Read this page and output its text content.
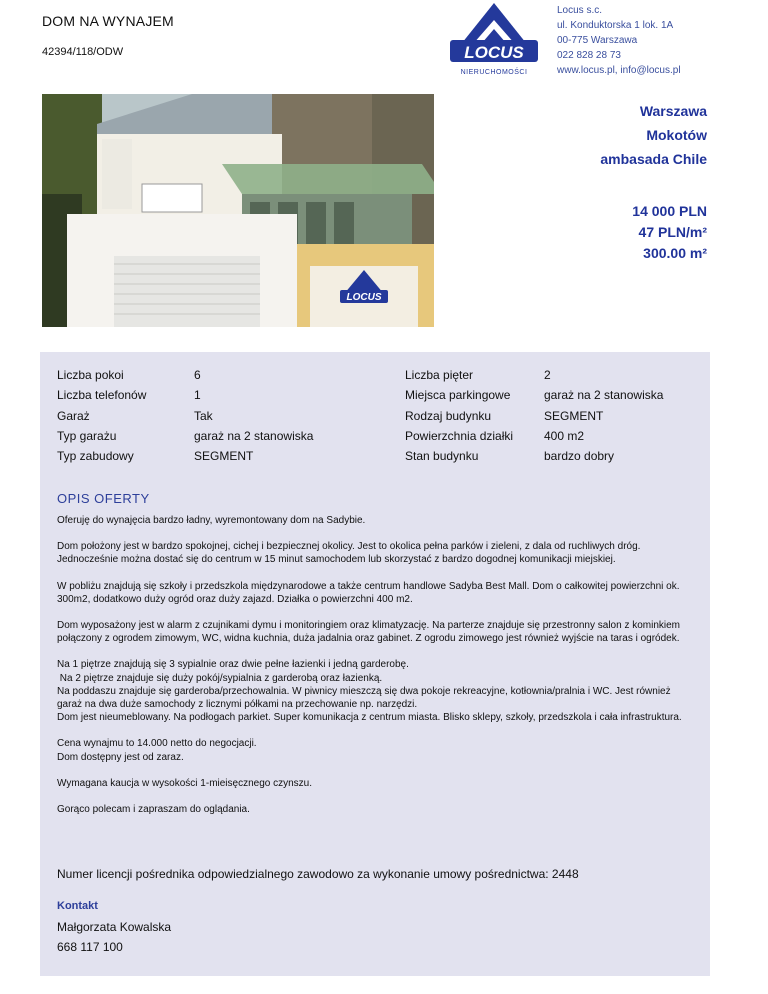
DOM NA WYNAJEM
42394/118/ODW	LOCUS
NIERUCHOMOŚCI
Locus s.c.
ul. Konduktorska 1 lok. 1A
00-775 Warszawa
022 828 28 73
www.locus.pl, info@locus.pl
LOCUS
Warszawa
Mokotów
ambasada Chile
14 000 PLN
47 PLN/m²
300.00 m²
Liczba pokoi	6	Liczba pięter	2
Liczba telefonów	1	Miejsca parkingowe	garaż na 2 stanowiska
Garaż	Tak	Rodzaj budynku	SEGMENT
Typ garażu	garaż na 2 stanowiska	Powierzchnia działki	400 m2
Typ zabudowy	SEGMENT	Stan budynku	bardzo dobry
OPIS OFERTY

Oferuję do wynajęcia bardzo ładny, wyremontowany dom na Sadybie.

Dom położony jest w bardzo spokojnej, cichej i bezpiecznej okolicy. Jest to okolica pełna parków i zieleni, z dala od ruchliwych dróg. Jednocześnie można dostać się do centrum w 15 minut samochodem lub skorzystać z bardzo dogodnej komunikacji miejskiej.

W pobliżu znajdują się szkoły i przedszkola międzynarodowe a także centrum handlowe Sadyba Best Mall. Dom o całkowitej powierzchni ok. 300m2, dodatkowo duży ogród oraz duży zajazd. Działka o powierzchni 400 m2.

Dom wyposażony jest w alarm z czujnikami dymu i monitoringiem oraz klimatyzację. Na parterze znajduje się przestronny salon z kominkiem połączony z ogrodem zimowym, WC, widna kuchnia, duża jadalnia oraz gabinet. Z ogrodu zimowego jest również wyjście na taras i ogródek.

Na 1 piętrze znajdują się 3 sypialnie oraz dwie pełne łazienki i jedną garderobę.
Na 2 piętrze znajduje się duży pokój/sypialnia z garderobą oraz łazienką.
Na poddaszu znajduje się garderoba/przechowalnia. W piwnicy mieszczą się dwa pokoje rekreacyjne, kotłownia/pralnia i WC. Jest również garaż na dwa duże samochody z licznymi półkami na przechowanie np. narzędzi.
Dom jest nieumeblowany. Na podłogach parkiet. Super komunikacja z centrum miasta. Blisko sklepy, szkoły, przedszkola i cała infrastruktura.

Cena wynajmu to 14.000 netto do negocjacji.
Dom dostępny jest od zaraz.

Wymagana kaucja w wysokości 1-mieisęcznego czynszu.

Gorąco polecam i zapraszam do oglądania.

Numer licencji pośrednika odpowiedzialnego zawodowo za wykonanie umowy pośrednictwa: 2448
Kontakt
Małgorzata Kowalska
668 117 100
